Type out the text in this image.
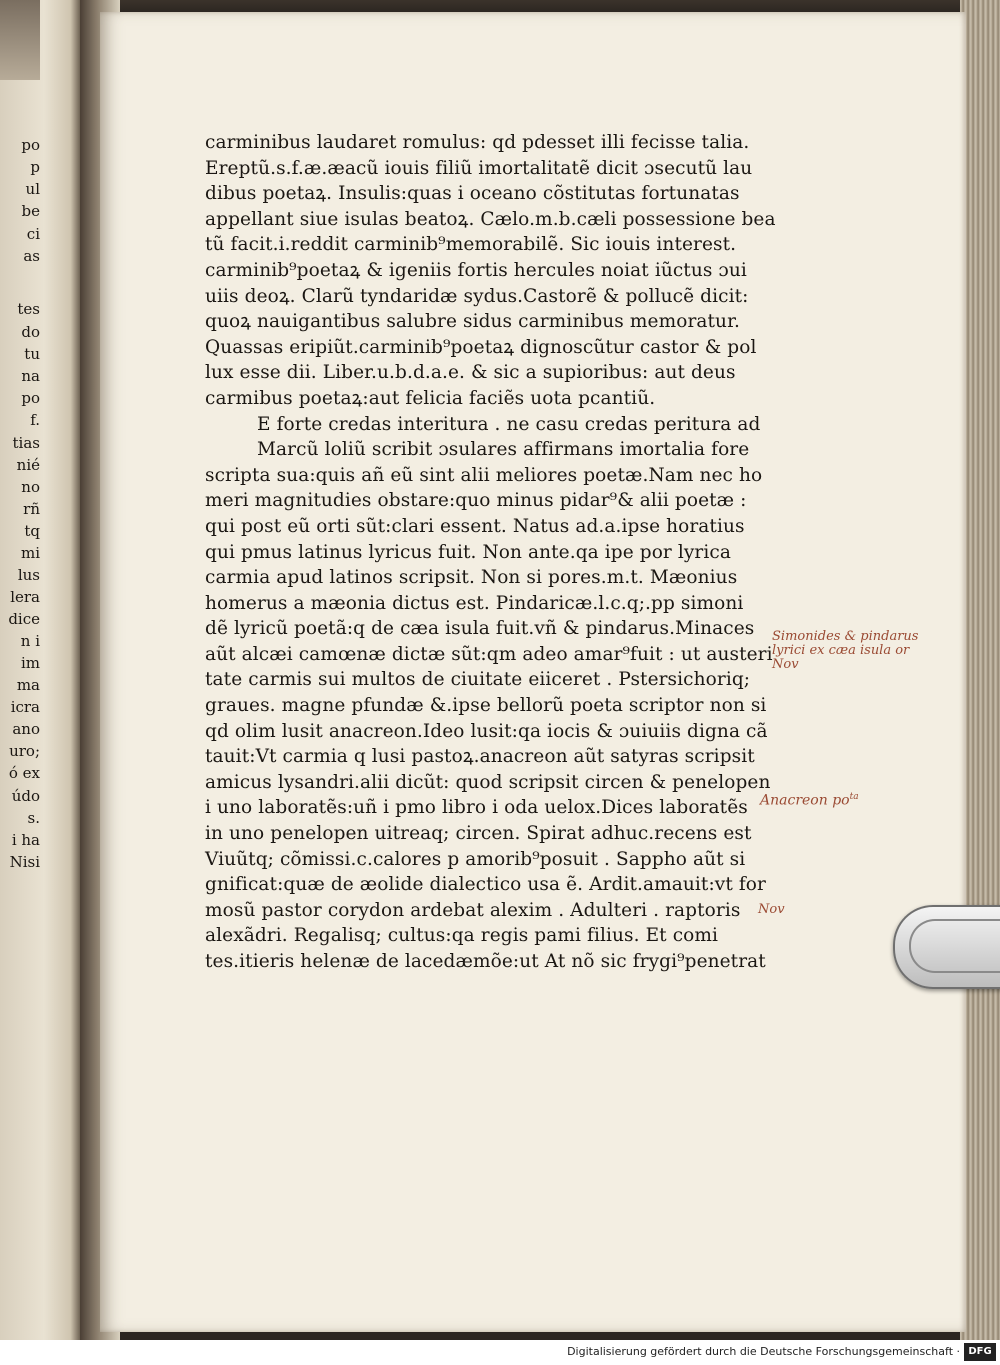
po
p
ul
be
ci
as
tes
do
tu
na
po
f.
tias
nié
no
rñ
tq
mi
lus
lera
dice
n i
im
ma
icra
ano
uro;
ó ex
údo
s.
i ha
Nisi
carminibus laudaret romulus: qd pdesset illi fecisse talia.
Ereptũ.s.f.æ.æacũ iouis filiũ imortalitatẽ dicit ɔsecutũ lau
dibus poetaꝝ. Insulis:quas i oceano cõstitutas fortunatas
appellant siue isulas beatoꝝ. Cælo.m.b.cæli possessione bea
tũ facit.i.reddit carminib⁹memorabilẽ. Sic iouis interest.
carminib⁹poetaꝝ & igeniis fortis hercules noiat iũctus ɔui
uiis deoꝝ. Clarũ tyndaridæ sydus.Castorẽ & pollucẽ dicit:
quoꝝ nauigantibus salubre sidus carminibus memoratur.
Quassas eripiũt.carminib⁹poetaꝝ dignoscũtur castor & pol
lux esse dii. Liber.u.b.d.a.e. & sic a supioribus: aut deus
carmibus poetaꝝ:aut felicia faciẽs uota pcantiũ.
E forte credas interitura . ne casu credas peritura ad
Marcũ loliũ scribit ɔsulares affirmans imortalia fore
scripta sua:quis añ eũ sint alii meliores poetæ.Nam nec ho
meri magnitudies obstare:quo minus pidar⁹& alii poetæ :
qui post eũ orti sũt:clari essent. Natus ad.a.ipse horatius
qui pmus latinus lyricus fuit. Non ante.qa ipe por lyrica
carmia apud latinos scripsit. Non si pores.m.t. Mæonius
homerus a mæonia dictus est. Pindaricæ.l.c.q;.pp simoni
dẽ lyricũ poetã:q de cæa isula fuit.vñ & pindarus.Minaces
aũt alcæi camœnæ dictæ sũt:qm adeo amar⁹fuit : ut austeri
tate carmis sui multos de ciuitate eiiceret . Pstersichoriq;
graues. magne pfundæ &.ipse bellorũ poeta scriptor non si
qd olim lusit anacreon.Ideo lusit:qa iocis & ɔuiuiis digna cã
tauit:Vt carmia q lusi pastoꝝ.anacreon aũt satyras scripsit
amicus lysandri.alii dicũt: quod scripsit circen & penelopen
i uno laboratẽs:uñ i pmo libro i oda uelox.Dices laboratẽs
in uno penelopen uitreaq; circen. Spirat adhuc.recens est
Viuũtq; cõmissi.c.calores p amorib⁹posuit . Sappho aũt si
gnificat:quæ de æolide dialectico usa ẽ. Ardit.amauit:vt for
mosũ pastor corydon ardebat alexim . Adulteri . raptoris
alexãdri. Regalisq; cultus:qa regis pami filius. Et comi
tes.itieris helenæ de lacedæmõe:ut At nõ sic frygi⁹penetrat
Simonides & pindarus
lyrici ex cæa isula or
Nov
Anacreon $po^{ta}$
Nov
Digitalisierung gefördert durch die Deutsche Forschungsgemeinschaft · DFG
